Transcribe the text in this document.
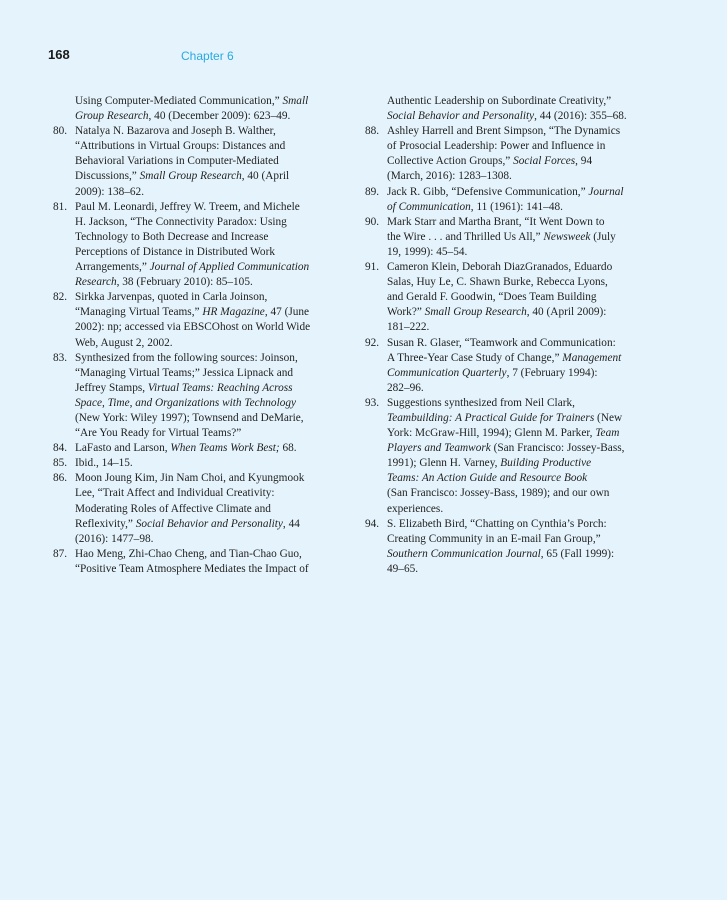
168	Chapter 6
Using Computer-Mediated Communication,” Small
Group Research, 40 (December 2009): 623–49.
80. Natalya N. Bazarova and Joseph B. Walther,
“Attributions in Virtual Groups: Distances and
Behavioral Variations in Computer-Mediated
Discussions,” Small Group Research, 40 (April
2009): 138–62.
81. Paul M. Leonardi, Jeffrey W. Treem, and Michele
H. Jackson, “The Connectivity Paradox: Using
Technology to Both Decrease and Increase
Perceptions of Distance in Distributed Work
Arrangements,” Journal of Applied Communication
Research, 38 (February 2010): 85–105.
82. Sirkka Jarvenpas, quoted in Carla Joinson,
“Managing Virtual Teams,” HR Magazine, 47 (June
2002): np; accessed via EBSCOhost on World Wide
Web, August 2, 2002.
83. Synthesized from the following sources: Joinson,
“Managing Virtual Teams;” Jessica Lipnack and
Jeffrey Stamps, Virtual Teams: Reaching Across
Space, Time, and Organizations with Technology
(New York: Wiley 1997); Townsend and DeMarie,
“Are You Ready for Virtual Teams?”
84. LaFasto and Larson, When Teams Work Best; 68.
85. Ibid., 14–15.
86. Moon Joung Kim, Jin Nam Choi, and Kyungmook
Lee, “Trait Affect and Individual Creativity:
Moderating Roles of Affective Climate and
Reflexivity,” Social Behavior and Personality, 44
(2016): 1477–98.
87. Hao Meng, Zhi-Chao Cheng, and Tian-Chao Guo,
“Positive Team Atmosphere Mediates the Impact of
Authentic Leadership on Subordinate Creativity,”
Social Behavior and Personality, 44 (2016): 355–68.
88. Ashley Harrell and Brent Simpson, “The Dynamics
of Prosocial Leadership: Power and Influence in
Collective Action Groups,” Social Forces, 94
(March, 2016): 1283–1308.
89. Jack R. Gibb, “Defensive Communication,” Journal
of Communication, 11 (1961): 141–48.
90. Mark Starr and Martha Brant, “It Went Down to
the Wire . . . and Thrilled Us All,” Newsweek (July
19, 1999): 45–54.
91. Cameron Klein, Deborah DiazGranados, Eduardo
Salas, Huy Le, C. Shawn Burke, Rebecca Lyons,
and Gerald F. Goodwin, “Does Team Building
Work?” Small Group Research, 40 (April 2009):
181–222.
92. Susan R. Glaser, “Teamwork and Communication:
A Three-Year Case Study of Change,” Management
Communication Quarterly, 7 (February 1994):
282–96.
93. Suggestions synthesized from Neil Clark,
Teambuilding: A Practical Guide for Trainers (New
York: McGraw-Hill, 1994); Glenn M. Parker, Team
Players and Teamwork (San Francisco: Jossey-Bass,
1991); Glenn H. Varney, Building Productive
Teams: An Action Guide and Resource Book
(San Francisco: Jossey-Bass, 1989); and our own
experiences.
94. S. Elizabeth Bird, “Chatting on Cynthia’s Porch:
Creating Community in an E-mail Fan Group,”
Southern Communication Journal, 65 (Fall 1999):
49–65.
